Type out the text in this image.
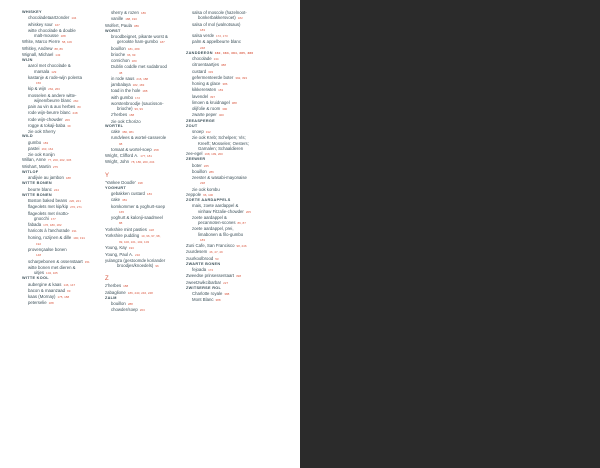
WHISKEY
chocoladetaartzonder 134
whiskey sour 167
witte chocolade & double
malt-mousse 188
White, Marco Pierre 58, 106
Whitley, Andrew 88, 89
Wignall, Michael 143
WIJN
aarol met chocolade &
marsala 129
kastanje & rode-wijn polenta
156
kip & wijn 262, 263
mosselen & andere witte-
wijnen/beurre blanc 260
pain au vin & aux herbes 80
rode wijn-beurre blanc 248
rode wijn-chowder 206
rogge & tokaji-baba 39
zie ook Sherry
WILD
gumbo 183
pastei 163, 164
zie ook Konijn
Willan, Anne 77, 200, 202, 345
Wishart, Martin 275
WITLOF
andijvie au jambon 188
WITTE BONEN
beurre blanc 244
WITTE BONEN
Boston baked beans 220, 221
flageolets met kip/kip 270, 271
flageolets met risotto-
gnocchi 177
fabada 176, 180, 182
haricots à l'anchoïade 191
honing, rozijnen & dille 190, 191
192
provençaalse bonen
148
scharpebonen & ossenstaart 151
witte bonen met dieren &
uitjes 104, 105
WITTE KOOL
aubergine & kaas 146, 147
bacon & maanzaad 99
kaas (Mornay) 175, 188
peterselie 188
sherry & rozen 186
vanille 188, 190
Wolfert, Paula 386
WORST
broodbeignet, pikante worst &
gerookte ham-gumbo 187
bouillon 181, 289
brioche 96, 99
cornichon 180
Dublin coddle met sodabrood
38
in rode saus 216, 188
jambalaya 182, 183
toad in the hole 188
with gumbo 172
worstenbroodje (saucisson-
brioche) 96, 99
z'herbes 188
zie ook Chorizo
WORTEL
cake 380, 381
rundvlees & wortel-casserole
98
tomaat & wortel-soep 258
Wright, Clifford A. 177, 181
Wright, John 78, 186, 200, 204
Y
'Yankee Doodle' 198
YOGHURT
gebakken custard 183
cake 381
komkommer & yoghurt-soep
165
yoghurt & kalonji-saadmeel
88
Yorkshire mint pasties 418
Yorkshire pudding 10, 96, 97, 98,
99, 100, 101, 102, 103
Young, Kay 193
Young, Paul A. 210
yulangza (gestoomde koriander
broodjes/knoedels) 96
Z
z'herbes 188
zabaglione 186, 240, 246, 248
ZALM
bouillon 288
chowder/soep 263
salsa of moscole (hazelnoot-
bonkerbakkersvoet) 182
salsa of mol (walnotsaus)
183
salsa verde 172, 173
palm & appelbeurre blanc
248
ZANDDEEGN 382, 383, 384, 385, 386
chocolade 134
citroentaartjes 388
custard 333
gefermenteerde boter 392, 393
honing & glace 386
kikkererwten 183
lavendel 397
limoen & kruidnagel 388
olijfolie & room 390
zwarte peper 400
ZEEASPERGE
ZOUT
snoep 312
zie ook Kreb; Schelpen; Vis;
Kreeft; Mosselen; Oesters;
Garnalen; Schaaldieren
zee-egel 198, 199, 200
ZEEWIER
boter 265
bouillon 286
zeester & wasabi-mayonaise
238
zie ook kombu
zeppole 96, 100
ZOETE AARDAPPELS
mais, zoete aardappel &
vinhaw Fitzalie-chowder 205
zoete aardappel &
pecannoten-scones 86, 87
zoete aardappel, prei,
limabonen & filo-gumbo
183
Zuni Cafe, San Francisco 98, 246
zuurdesem 46, 47, 49
zuurkoolbrood 53
ZWARTE BONEN
fejoada 172
Zweedse prinsessentaart 398
zweetzwikcibarbar 227
ZWITSERSE ROL
Charlotte royale 388
Mont Blanc 388
